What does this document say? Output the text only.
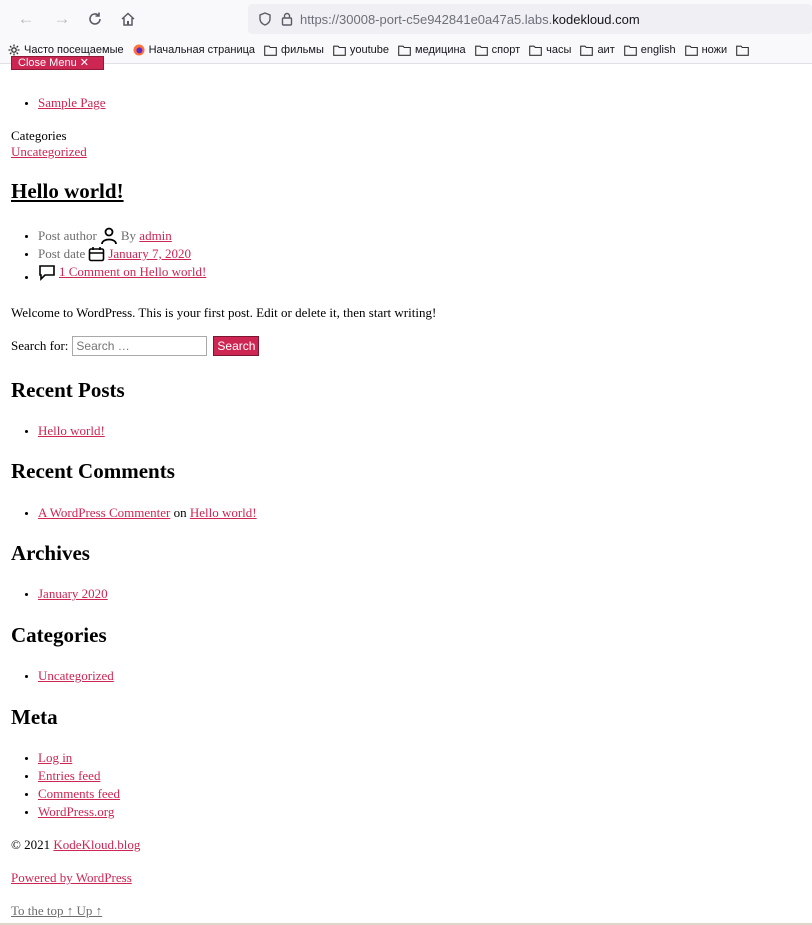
← →	https://30008-port-c5e942841e0a47a5.labs. kodekloud.com
Часто посещаемые Начальная страница фильмы youtube медицина спорт часы аит english ножи
Close Menu ✕
• Sample Page
Categories
Uncategorized
Hello world!
• Post author By
admin
• Post date January 7, 2020
• 1 Comment on Hello world!

Welcome to WordPress. This is your first post. Edit or delete it, then start writing!

Search for:
Search …	Search
Recent Posts
• Hello world!
Recent Comments
• A WordPress Commenter on Hello world!
Archives
• January 2020
Categories
• Uncategorized
Meta
• Log in
• Entries feed
• Comments feed
• WordPress.org
© 2021 KodeKloud.blog
Powered by WordPress
To the top ↑ Up ↑
